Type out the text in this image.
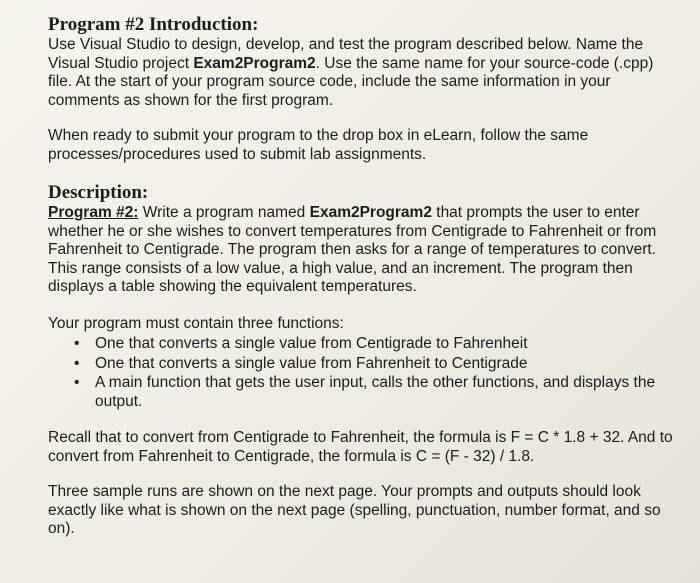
Program #2 Introduction:

Use Visual Studio to design, develop, and test the program described below. Name the Visual Studio project Exam2Program2. Use the same name for your source-code (.cpp) file. At the start of your program source code, include the same information in your comments as shown for the first program.

When ready to submit your program to the drop box in eLearn, follow the same processes/procedures used to submit lab assignments.

Description:

Program #2: Write a program named Exam2Program2 that prompts the user to enter whether he or she wishes to convert temperatures from Centigrade to Fahrenheit or from Fahrenheit to Centigrade. The program then asks for a range of temperatures to convert. This range consists of a low value, a high value, and an increment. The program then displays a table showing the equivalent temperatures.

Your program must contain three functions:

• One that converts a single value from Centigrade to Fahrenheit
• One that converts a single value from Fahrenheit to Centigrade
• A main function that gets the user input, calls the other functions, and displays the output.

Recall that to convert from Centigrade to Fahrenheit, the formula is F = C * 1.8 + 32. And to convert from Fahrenheit to Centigrade, the formula is C = (F - 32) / 1.8.

Three sample runs are shown on the next page. Your prompts and outputs should look exactly like what is shown on the next page (spelling, punctuation, number format, and so on).
